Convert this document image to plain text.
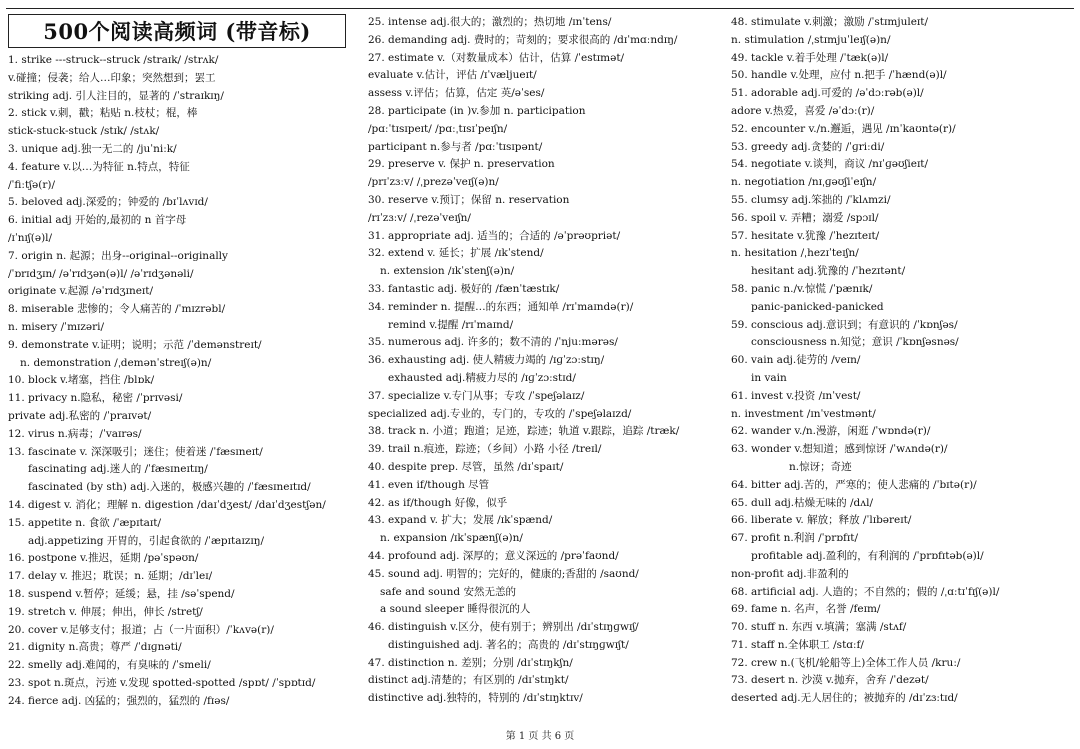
500个阅读高频词 (带音标)
1. strike ---struck--struck /straɪk/ /strʌk/
v.碰撞；侵袭；给人…印象；突然想到；罢工
striking adj. 引人注目的，显著的 /ˈstraɪkɪŋ/
2. stick v.刺，戳；粘贴 n.枝杖；棍，棒
stick-stuck-stuck /stɪk/ /stʌk/
3. unique adj.独一无二的 /juˈniːk/
4. feature v.以…为特征 n.特点，特征
/ˈfiːtʃə(r)/
5. beloved adj.深爱的；钟爱的 /bɪˈlʌvɪd/
6. initial adj 开始的,最初的 n 首字母
/ɪˈnɪʃ(ə)l/
7. origin n. 起源；出身--original--originally
/ˈɒrɪdʒɪn/ /əˈrɪdʒən(ə)l/ /əˈrɪdʒənəli/
originate v.起源 /əˈrɪdʒɪneɪt/
8. miserable 悲惨的；令人痛苦的 /ˈmɪzrəbl/
n. misery /ˈmɪzəri/
9. demonstrate v.证明；说明；示范 /ˈdemənstreɪt/
n. demonstration /ˌdemənˈstreɪʃ(ə)n/
10. block v.堵塞，挡住 /blɒk/
11. privacy n.隐私，秘密 /ˈprɪvəsi/
private adj.私密的 /ˈpraɪvət/
12. virus n.病毒；/ˈvaɪrəs/
13. fascinate v. 深深吸引；迷住；使着迷 /ˈfæsɪneɪt/
fascinating adj.迷人的 /ˈfæsɪneɪtɪŋ/
fascinated (by sth) adj.入迷的，极感兴趣的 /ˈfæsɪneɪtɪd/
14. digest v. 消化；理解 n. digestion /daɪˈdʒest/ /daɪˈdʒestʃən/
15. appetite n. 食欲 /ˈæpɪtaɪt/
adj.appetizing 开胃的，引起食欲的 /ˈæpɪtaɪzɪŋ/
16. postpone v.推迟，延期 /pəˈspəʊn/
17. delay v. 推迟；耽误；n. 延期；/dɪˈleɪ/
18. suspend v.暂停；延缓；悬，挂 /səˈspend/
19. stretch v. 伸展；伸出，伸长 /stretʃ/
20. cover v.足够支付；报道；占（一片面积）/ˈkʌvə(r)/
21. dignity n.高贵；尊严 /ˈdɪɡnəti/
22. smelly adj.难闻的，有臭味的 /ˈsmeli/
23. spot n.斑点，污迹 v.发现 spotted-spotted /spɒt/ /ˈspɒtɪd/
24. fierce adj. 凶猛的；强烈的，猛烈的 /fɪəs/
25. intense adj.很大的；激烈的；热切地 /ɪnˈtens/
26. demanding adj. 费时的；苛刻的；要求很高的 /dɪˈmɑːndɪŋ/
27. estimate v.（对数量成本）估计，估算 /ˈestɪmət/
evaluate v.估计，评估 /ɪˈvæljueɪt/
assess v.评估；估算，估定 英/əˈses/
28. participate (in )v.参加 n. participation
/pɑːˈtɪsɪpeɪt/ /pɑːˌtɪsɪˈpeɪʃn/
participant n.参与者 /pɑːˈtɪsɪpənt/
29. preserve v. 保护 n. preservation
/prɪˈzɜːv/ /ˌprezəˈveɪʃ(ə)n/
30. reserve v.预订；保留 n. reservation
/rɪˈzɜːv/ /ˌrezəˈveɪʃn/
31. appropriate adj. 适当的；合适的 /əˈprəʊpriət/
32. extend v. 延长；扩展 /ɪkˈstend/
n. extension /ɪkˈstenʃ(ə)n/
33. fantastic adj. 极好的 /fænˈtæstɪk/
34. reminder n. 提醒…的东西；通知单 /rɪˈmaɪndə(r)/
remind v.提醒 /rɪˈmaɪnd/
35. numerous adj. 许多的；数不清的 /ˈnjuːmərəs/
36. exhausting adj. 使人精疲力竭的 /ɪɡˈzɔːstɪŋ/
exhausted adj.精疲力尽的 /ɪɡˈzɔːstɪd/
37. specialize v.专门从事；专攻 /ˈspeʃəlaɪz/
specialized adj.专业的，专门的，专攻的 /ˈspeʃəlaɪzd/
38. track n. 小道；跑道；足迹，踪迹；轨道 v.跟踪，追踪 /træk/
39. trail n.痕迹，踪迹；（乡间）小路 小径 /treɪl/
40. despite prep. 尽管，虽然 /dɪˈspaɪt/
41. even if/though 尽管
42. as if/though 好像，似乎
43. expand v. 扩大；发展 /ɪkˈspænd/
n. expansion /ɪkˈspænʃ(ə)n/
44. profound adj. 深厚的；意义深远的 /prəˈfaʊnd/
45. sound adj. 明智的；完好的，健康的;香甜的 /saʊnd/
safe and sound 安然无恙的
a sound sleeper 睡得很沉的人
46. distinguish v.区分，使有别于；辨别出 /dɪˈstɪŋɡwɪʃ/
distinguished adj. 著名的；高贵的 /dɪˈstɪŋɡwɪʃt/
47. distinction n. 差别；分别 /dɪˈstɪŋkʃn/
distinct adj.清楚的；有区别的 /dɪˈstɪŋkt/
distinctive adj.独特的，特别的 /dɪˈstɪŋktɪv/
48. stimulate v.刺激；激励 /ˈstɪmjuleɪt/
n. stimulation /ˌstɪmjuˈleɪʃ(ə)n/
49. tackle v.着手处理 /ˈtæk(ə)l/
50. handle v.处理，应付 n.把手 /ˈhænd(ə)l/
51. adorable adj.可爱的 /əˈdɔːrəb(ə)l/
adore v.热爱，喜爱 /əˈdɔː(r)/
52. encounter v./n.邂逅，遇见 /ɪnˈkaʊntə(r)/
53. greedy adj.贪婪的 /ˈɡriːdi/
54. negotiate v.谈判，商议 /nɪˈɡəʊʃieɪt/
n. negotiation /nɪˌɡəʊʃiˈeɪʃn/
55. clumsy adj.笨拙的 /ˈklʌmzi/
56. spoil v. 弄糟；溺爱 /spɔɪl/
57. hesitate v.犹豫 /ˈhezɪteɪt/
n. hesitation /ˌhezɪˈteɪʃn/
hesitant adj.犹豫的 /ˈhezɪtənt/
58. panic n./v.惊慌 /ˈpænɪk/
panic-panicked-panicked
59. conscious adj.意识到；有意识的 /ˈkɒnʃəs/
consciousness n.知觉；意识 /ˈkɒnʃəsnəs/
60. vain adj.徒劳的 /veɪn/
in vain
61. invest v.投资 /ɪnˈvest/
n. investment /ɪnˈvestmənt/
62. wander v./n.漫游，闲逛 /ˈwɒndə(r)/
63. wonder v.想知道；感到惊讶 /ˈwʌndə(r)/
n.惊讶；奇迹
64. bitter adj.苦的，严寒的；使人悲痛的 /ˈbɪtə(r)/
65. dull adj.枯燥无味的 /dʌl/
66. liberate v. 解放；释放 /ˈlɪbəreɪt/
67. profit n.利润 /ˈprɒfɪt/
profitable adj.盈利的，有利润的 /ˈprɒfɪtəb(ə)l/
non-profit adj.非盈利的
68. artificial adj. 人造的；不自然的；假的 /ˌɑːtɪˈfɪʃ(ə)l/
69. fame n. 名声，名誉 /feɪm/
70. stuff n. 东西 v.填满；塞满 /stʌf/
71. staff n.全体职工 /stɑːf/
72. crew n.(飞机/轮船等上)全体工作人员 /kruː/
73. desert n. 沙漠 v.抛弃，舍弃 /ˈdezət/
deserted adj.无人居住的；被抛弃的 /dɪˈzɜːtɪd/
第 1 页 共 6 页
